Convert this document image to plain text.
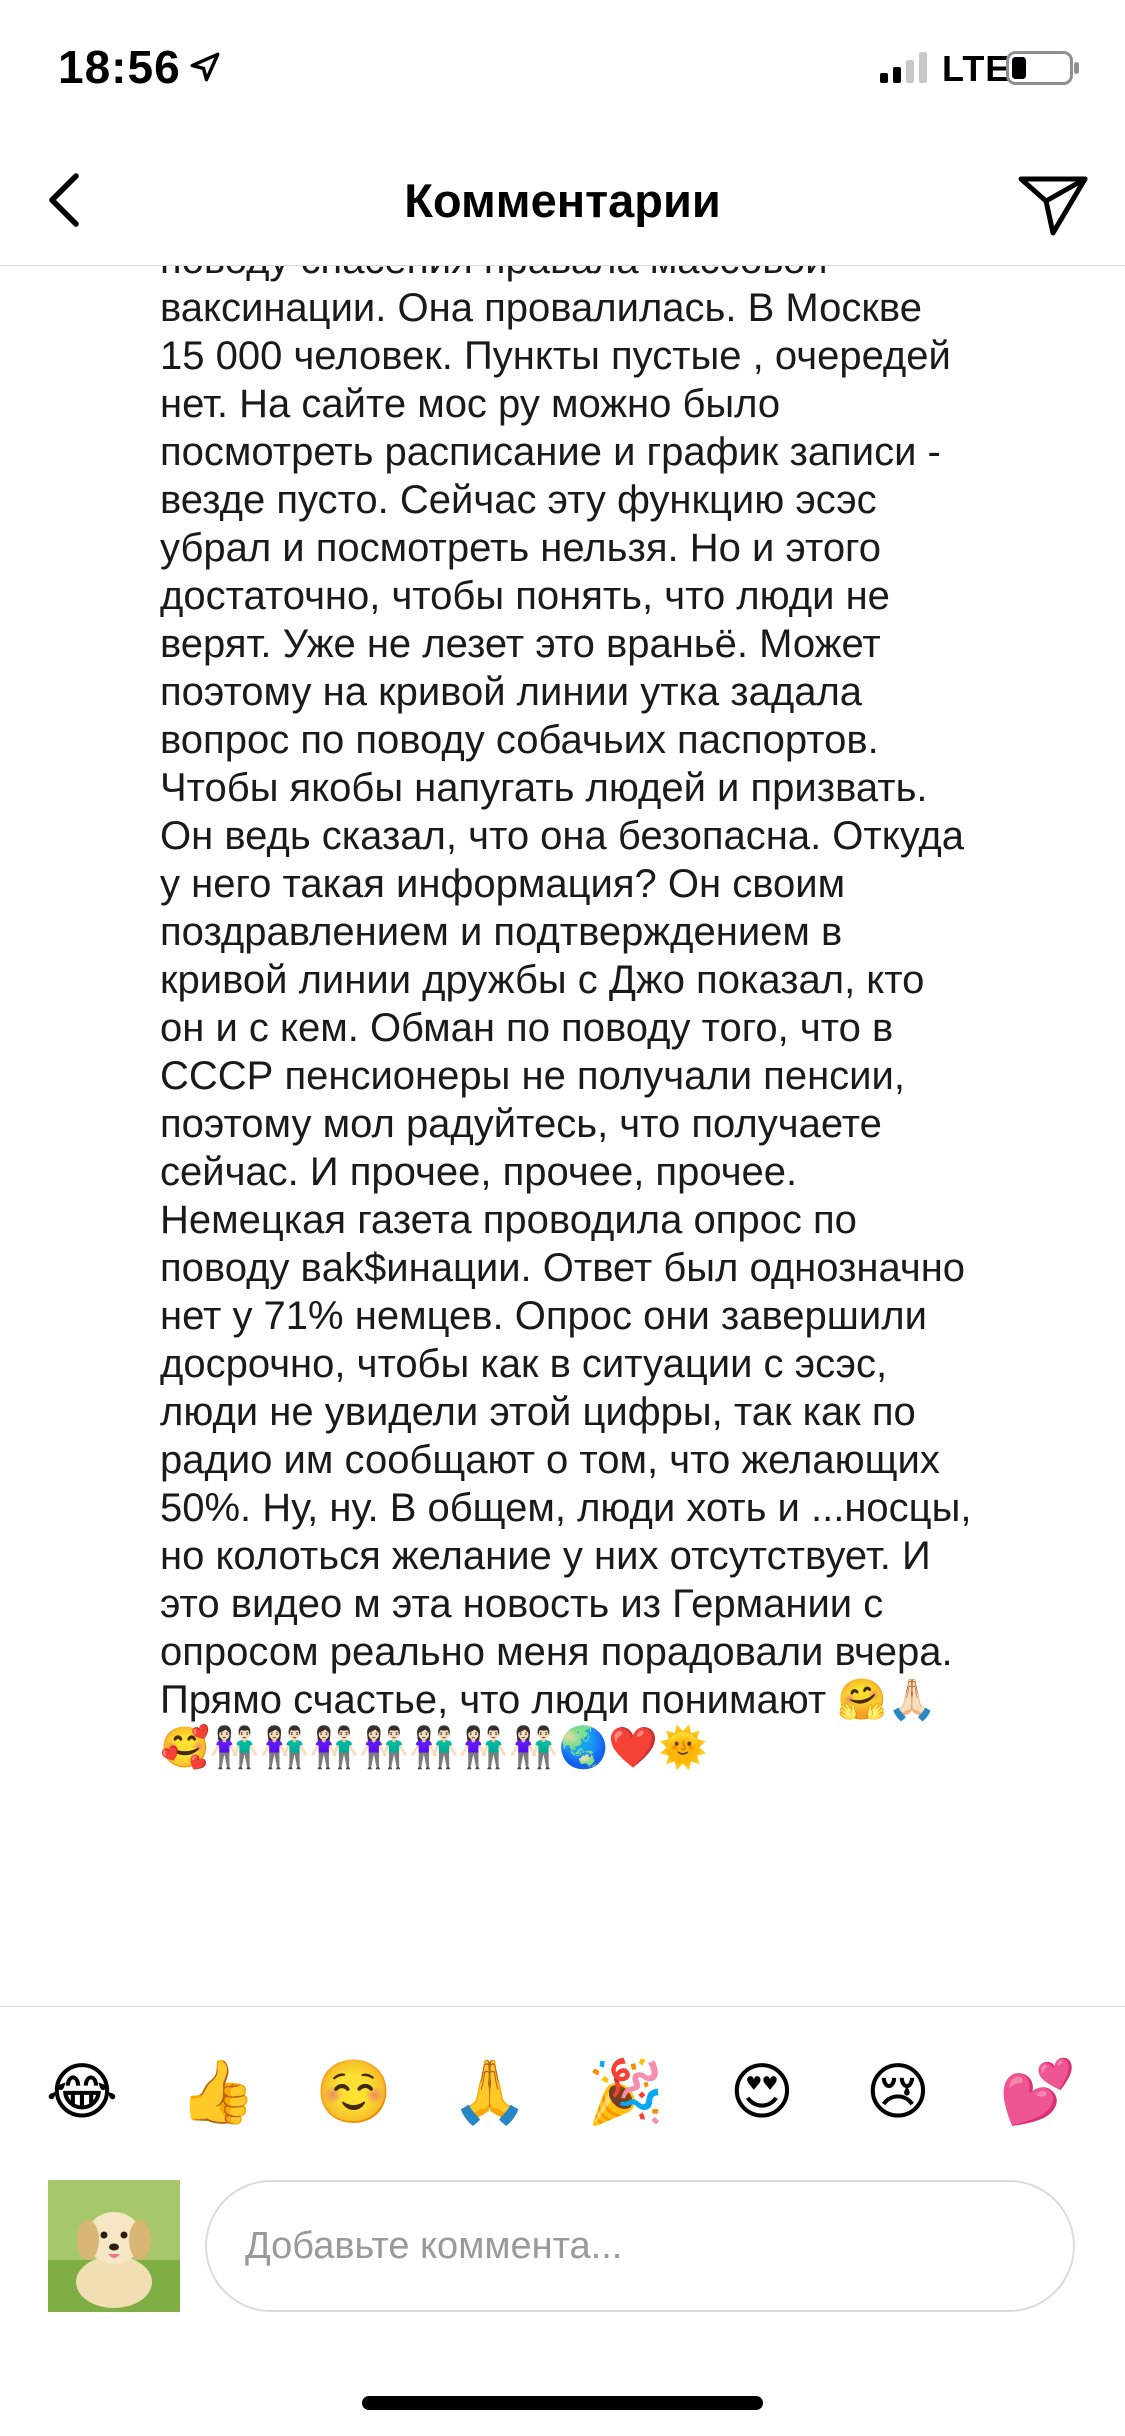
18:56	LTE
Комментарии
ваксинации. Она провалилась. В Москве 15 000 человек. Пункты пустые , очередей нет. На сайте мос ру можно было посмотреть расписание и график записи - везде пусто. Сейчас эту функцию эсэс убрал и посмотреть нельзя. Но и этого достаточно, чтобы понять, что люди не верят. Уже не лезет это враньё. Может поэтому на кривой линии утка задала вопрос по поводу собачьих паспортов. Чтобы якобы напугать людей и призвать. Он ведь сказал, что она безопасна. Откуда у него такая информация? Он своим поздравлением и подтверждением в кривой линии дружбы с Джо показал, кто он и с кем. Обман по поводу того, что в СССР пенсионеры не получали пенсии, поэтому мол радуйтесь, что получаете сейчас. И прочее, прочее, прочее. Немецкая газета проводила опрос по поводу вak$инации. Ответ был однозначно нет у 71% немцев. Опрос они завершили досрочно, чтобы как в ситуации с эсэс, люди не увидели этой цифры, так как по радио им сообщают о том, что желающих 50%. Ну, ну. В общем, люди хоть и ...носцы, но колоться желание у них отсутствует. И это видео м эта новость из Германии с опросом реально меня порадовали вчера. Прямо счастье, что люди понимают 🤗🙏🏻🥰👫🏻👫🏻👫🏻👫🏻👫🏻👫🏻👫🏻🌏❤️🌞
😂 👍 ☺️ 🙏 🎉 😍 😢 💕
Добавьте коммента...
